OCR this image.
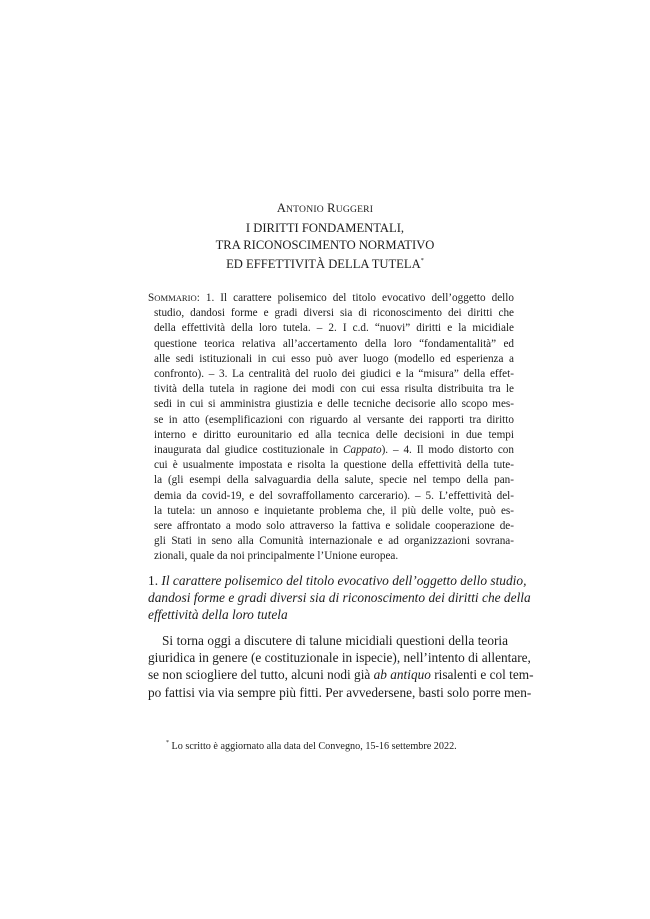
ANTONIO RUGGERI
I DIRITTI FONDAMENTALI,
TRA RICONOSCIMENTO NORMATIVO
ED EFFETTIVITÀ DELLA TUTELA*
SOMMARIO: 1. Il carattere polisemico del titolo evocativo dell’oggetto dello
studio, dandosi forme e gradi diversi sia di riconoscimento dei diritti che
della effettività della loro tutela. – 2. I c.d. “nuovi” diritti e la micidiale
questione teorica relativa all’accertamento della loro “fondamentalità” ed
alle sedi istituzionali in cui esso può aver luogo (modello ed esperienza a
confronto). – 3. La centralità del ruolo dei giudici e la “misura” della effet-
tività della tutela in ragione dei modi con cui essa risulta distribuita tra le
sedi in cui si amministra giustizia e delle tecniche decisorie allo scopo mes-
se in atto (esemplificazioni con riguardo al versante dei rapporti tra diritto
interno e diritto eurounitario ed alla tecnica delle decisioni in due tempi
inaugurata dal giudice costituzionale in Cappato). – 4. Il modo distorto con
cui è usualmente impostata e risolta la questione della effettività della tute-
la (gli esempi della salvaguardia della salute, specie nel tempo della pan-
demia da covid-19, e del sovraffollamento carcerario). – 5. L’effettività del-
la tutela: un annoso e inquietante problema che, il più delle volte, può es-
sere affrontato a modo solo attraverso la fattiva e solidale cooperazione de-
gli Stati in seno alla Comunità internazionale e ad organizzazioni sovrana-
zionali, quale da noi principalmente l’Unione europea.
1. Il carattere polisemico del titolo evocativo dell’oggetto dello studio,
dandosi forme e gradi diversi sia di riconoscimento dei diritti che della
effettività della loro tutela
Si torna oggi a discutere di talune micidiali questioni della teoria
giuridica in genere (e costituzionale in ispecie), nell’intento di allentare,
se non sciogliere del tutto, alcuni nodi già ab antiquo risalenti e col tem-
po fattisi via via sempre più fitti. Per avvedersene, basti solo porre men-
* Lo scritto è aggiornato alla data del Convegno, 15-16 settembre 2022.
